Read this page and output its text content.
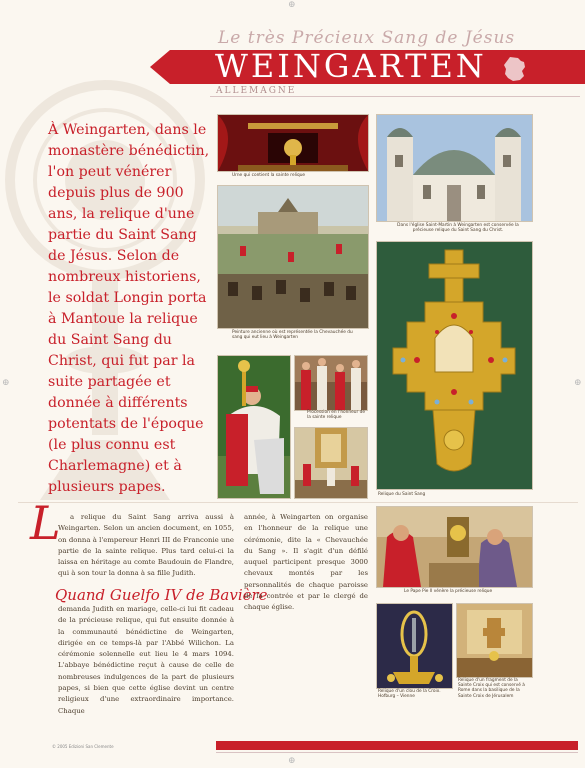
⊕
⊕	⊕
⊕
Le très Précieux Sang de Jésus
WEINGARTEN
ALLEMAGNE
À Weingarten, dans le monastère bénédictin, l'on peut vénérer depuis plus de 900 ans, la relique d'une partie du Saint Sang de Jésus. Selon de nombreux historiens, le soldat Longin porta à Mantoue la relique du Saint Sang du Christ, qui fut par la suite partagée et donnée à différents potentats de l'époque (le plus connu est Charlemagne) et à plusieurs papes.
Urne qui contient la sainte relique
Dans l'église Saint-Martin à Weingarten est conservée la précieuse relique du Saint Sang du Christ.
Peinture ancienne où est représentée la Chevauchée du sang qui eut lieu à Weingarten
Procession en l'honneur de la sainte relique
Relique du Saint Sang
Le Pape Pie II vénère la précieuse relique
Relique d'un clou de la Croix. Hofburg – Vienne
Relique d'un fragment de la Sainte Croix qui est conservé à Rome dans la basilique de la Sainte Croix de Jérusalem
L	a relique du Saint Sang arriva aussi à Weingarten. Selon un ancien document, en 1055, on donna à l'empereur Henri III de Franconie une partie de la sainte relique. Plus tard celui-ci la laissa en héritage au comte Baudouin de Flandre, qui à son tour la donna à sa fille Judith.
Quand Guelfo IV de Bavière
demanda Judith en mariage, celle-ci lui fit cadeau de la précieuse relique, qui fut ensuite donnée à la communauté bénédictine de Weingarten, dirigée en ce temps-là par l'Abbé Wilichon. La cérémonie solennelle eut lieu le 4 mars 1094. L'abbaye bénédictine reçut à cause de celle de nombreuses indulgences de la part de plusieurs papes, si bien que cette église devint un centre religieux d'une extraordinaire importance. Chaque
année, à Weingarten on organise en l'honneur de la relique une cérémonie, dite la « Chevauchée du Sang ». Il s'agit d'un défilé auquel participent presque 3000 chevaux montés par les personnalités de chaque paroisse de la contrée et par le clergé de chaque église.
© 2005 Edizioni San Clemente
